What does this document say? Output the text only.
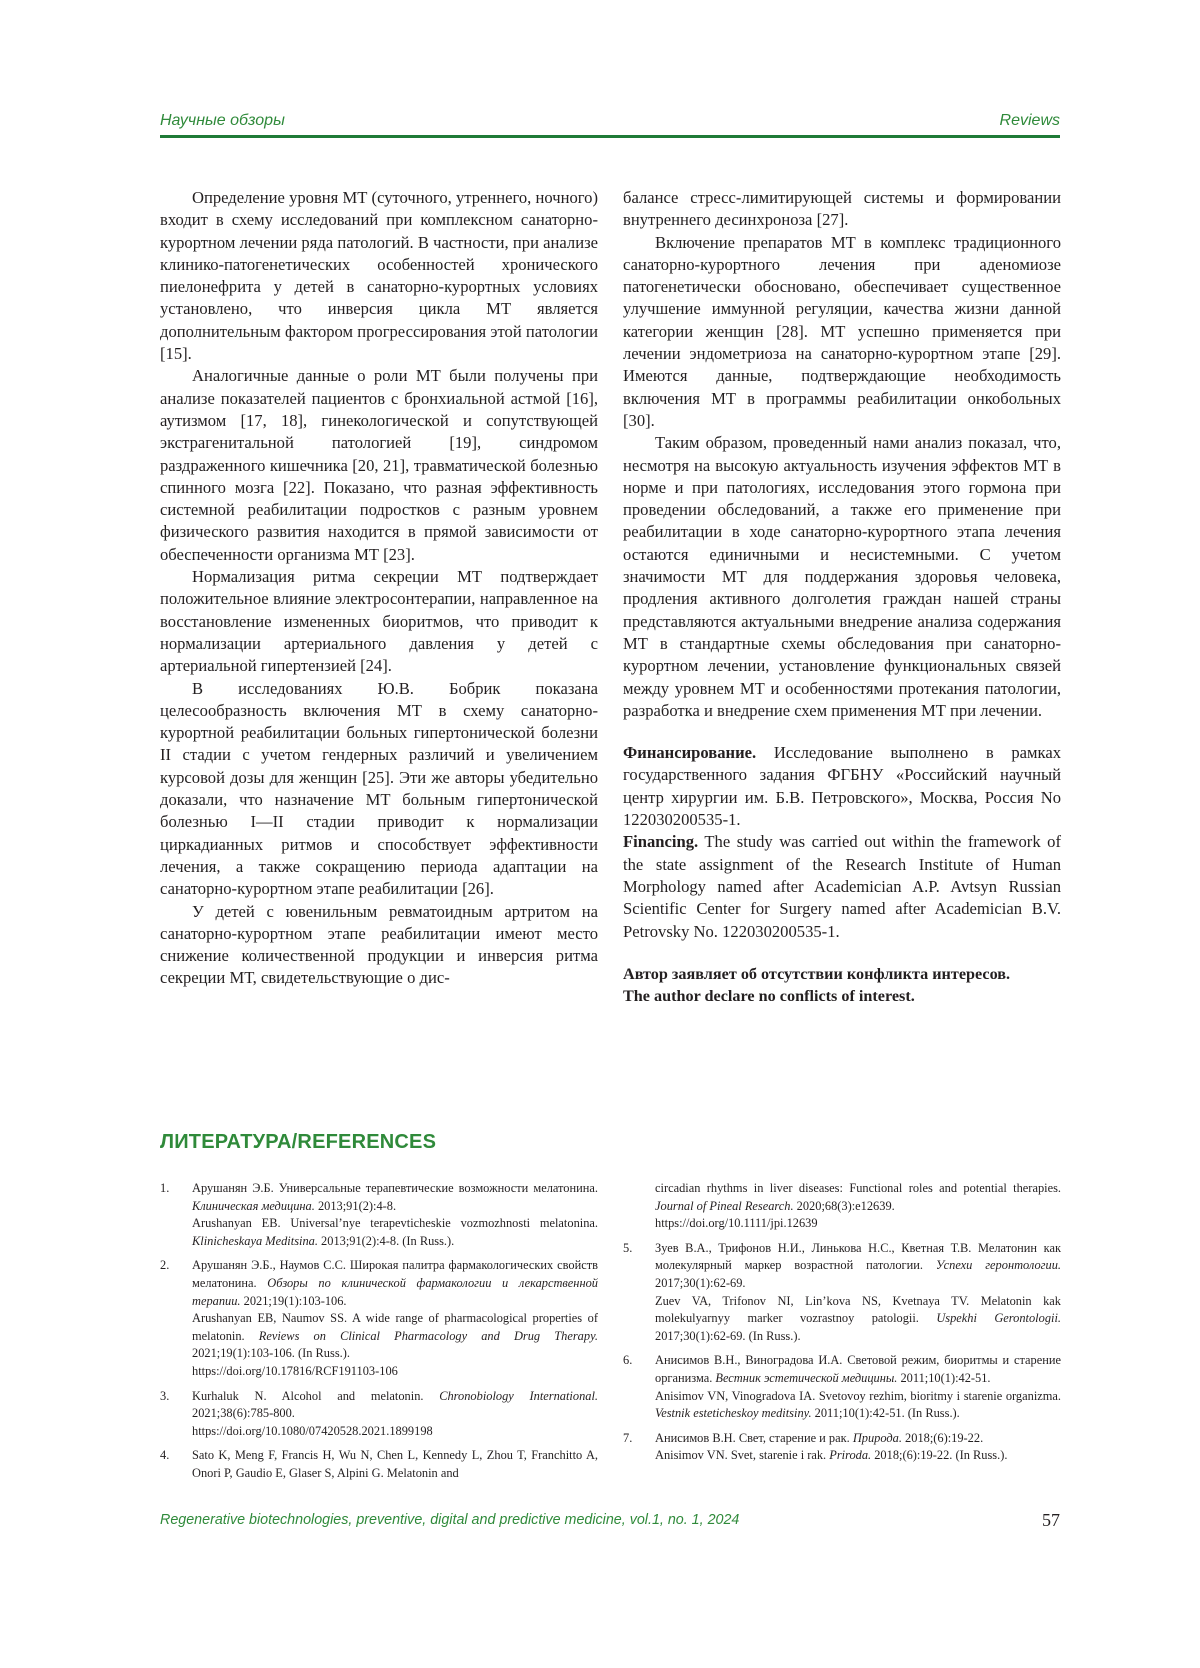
Научные обзоры	Reviews

Определение уровня МТ (суточного, утреннего, ночного) входит в схему исследований при комплексном санаторно-курортном лечении ряда патологий. В частности, при анализе клинико-патогенетических особенностей хронического пиелонефрита у детей в санаторно-курортных условиях установлено, что инверсия цикла МТ является дополнительным фактором прогрессирования этой патологии [15].

Аналогичные данные о роли МТ были получены при анализе показателей пациентов с бронхиальной астмой [16], аутизмом [17, 18], гинекологической и сопутствующей экстрагенитальной патологией [19], синдромом раздраженного кишечника [20, 21], травматической болезнью спинного мозга [22]. Показано, что разная эффективность системной реабилитации подростков с разным уровнем физического развития находится в прямой зависимости от обеспеченности организма МТ [23].

Нормализация ритма секреции МТ подтверждает положительное влияние электросонтерапии, направленное на восстановление измененных биоритмов, что приводит к нормализации артериального давления у детей с артериальной гипертензией [24].

В исследованиях Ю.В. Бобрик показана целесообразность включения МТ в схему санаторно-курортной реабилитации больных гипертонической болезни II стадии с учетом гендерных различий и увеличением курсовой дозы для женщин [25]. Эти же авторы убедительно доказали, что назначение МТ больным гипертонической болезнью I—II стадии приводит к нормализации циркадианных ритмов и способствует эффективности лечения, а также сокращению периода адаптации на санаторно-курортном этапе реабилитации [26].

У детей с ювенильным ревматоидным артритом на санаторно-курортном этапе реабилитации имеют место снижение количественной продукции и инверсия ритма секреции МТ, свидетельствующие о дис-

балансе стресс-лимитирующей системы и формировании внутреннего десинхроноза [27].

Включение препаратов МТ в комплекс традиционного санаторно-курортного лечения при аденомиозе патогенетически обосновано, обеспечивает существенное улучшение иммунной регуляции, качества жизни данной категории женщин [28]. МТ успешно применяется при лечении эндометриоза на санаторно-курортном этапе [29]. Имеются данные, подтверждающие необходимость включения МТ в программы реабилитации онкобольных [30].

Таким образом, проведенный нами анализ показал, что, несмотря на высокую актуальность изучения эффектов МТ в норме и при патологиях, исследования этого гормона при проведении обследований, а также его применение при реабилитации в ходе санаторно-курортного этапа лечения остаются единичными и несистемными. С учетом значимости МТ для поддержания здоровья человека, продления активного долголетия граждан нашей страны представляются актуальными внедрение анализа содержания МТ в стандартные схемы обследования при санаторно-курортном лечении, установление функциональных связей между уровнем МТ и особенностями протекания патологии, разработка и внедрение схем применения МТ при лечении.

Финансирование. Исследование выполнено в рамках государственного задания ФГБНУ «Российский научный центр хирургии им. Б.В. Петровского», Москва, Россия No 122030200535-1.

Financing. The study was carried out within the framework of the state assignment of the Research Institute of Human Morphology named after Academician A.P. Avtsyn Russian Scientific Center for Surgery named after Academician B.V. Petrovsky No. 122030200535-1.

Автор заявляет об отсутствии конфликта интересов.
The author declare no conflicts of interest.

ЛИТЕРАТУРА/REFERENCES
1. Арушанян Э.Б. Универсальные терапевтические возможности мелатонина. Клиническая медицина. 2013;91(2):4-8.
Arushanyan EB. Universal’nye terapevticheskie vozmozhnosti melatonina. Klinicheskaya Meditsina. 2013;91(2):4-8. (In Russ.).
2. Арушанян Э.Б., Наумов С.С. Широкая палитра фармакологических свойств мелатонина. Обзоры по клинической фармакологии и лекарственной терапии. 2021;19(1):103-106.
Arushanyan EB, Naumov SS. A wide range of pharmacological properties of melatonin. Reviews on Clinical Pharmacology and Drug Therapy. 2021;19(1):103-106. (In Russ.).
https://doi.org/10.17816/RCF191103-106
3. Kurhaluk N. Alcohol and melatonin. Chronobiology International. 2021;38(6):785-800.
https://doi.org/10.1080/07420528.2021.1899198
4. Sato K, Meng F, Francis H, Wu N, Chen L, Kennedy L, Zhou T, Franchitto A, Onori P, Gaudio E, Glaser S, Alpini G. Melatonin and
circadian rhythms in liver diseases: Functional roles and potential therapies. Journal of Pineal Research. 2020;68(3):e12639.
https://doi.org/10.1111/jpi.12639
5. Зуев В.А., Трифонов Н.И., Линькова Н.С., Кветная Т.В. Мелатонин как молекулярный маркер возрастной патологии. Успехи геронтологии. 2017;30(1):62-69.
Zuev VA, Trifonov NI, Lin’kova NS, Kvetnaya TV. Melatonin kak molekulyarnyy marker vozrastnoy patologii. Uspekhi Gerontologii. 2017;30(1):62-69. (In Russ.).
6. Анисимов В.Н., Виноградова И.А. Световой режим, биоритмы и старение организма. Вестник эстетической медицины. 2011;10(1):42-51.
Anisimov VN, Vinogradova IA. Svetovoy rezhim, bioritmy i starenie organizma. Vestnik esteticheskoy meditsiny. 2011;10(1):42-51. (In Russ.).
7. Анисимов В.Н. Свет, старение и рак. Природа. 2018;(6):19-22.
Anisimov VN. Svet, starenie i rak. Priroda. 2018;(6):19-22. (In Russ.).
Regenerative biotechnologies, preventive, digital and predictive medicine, vol.1, no. 1, 2024	57
